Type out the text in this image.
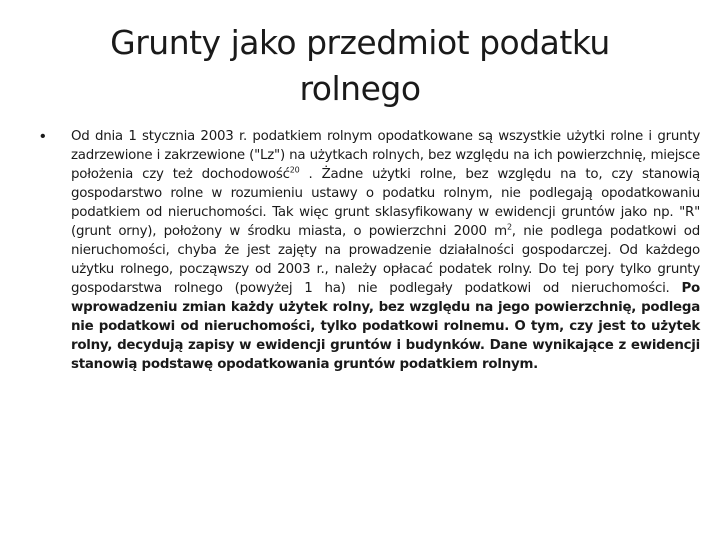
Grunty jako przedmiot podatku
rolnego
•	Od dnia 1 stycznia 2003 r. podatkiem rolnym opodatkowane są wszystkie użytki rolne i grunty zadrzewione i zakrzewione ("Lz") na użytkach rolnych, bez względu na ich powierzchnię, miejsce położenia czy też dochodowość$^{20}$ . Żadne użytki rolne, bez względu na to, czy stanowią gospodarstwo rolne w rozumieniu ustawy o podatku rolnym, nie podlegają opodatkowaniu podatkiem od nieruchomości. Tak więc grunt sklasyfikowany w ewidencji gruntów jako np. "R" (grunt orny), położony w środku miasta, o powierzchni 2000 $m^2$, nie podlega podatkowi od nieruchomości, chyba że jest zajęty na prowadzenie działalności gospodarczej. Od każdego użytku rolnego, począwszy od 2003 r., należy opłacać podatek rolny. Do tej pory tylko grunty gospodarstwa rolnego (powyżej 1 ha) nie podlegały podatkowi od nieruchomości. Po wprowadzeniu zmian każdy użytek rolny, bez względu na jego powierzchnię, podlega nie podatkowi od nieruchomości, tylko podatkowi rolnemu. O tym, czy jest to użytek rolny, decydują zapisy w ewidencji gruntów i budynków. Dane wynikające z ewidencji stanowią podstawę opodatkowania gruntów podatkiem rolnym.
